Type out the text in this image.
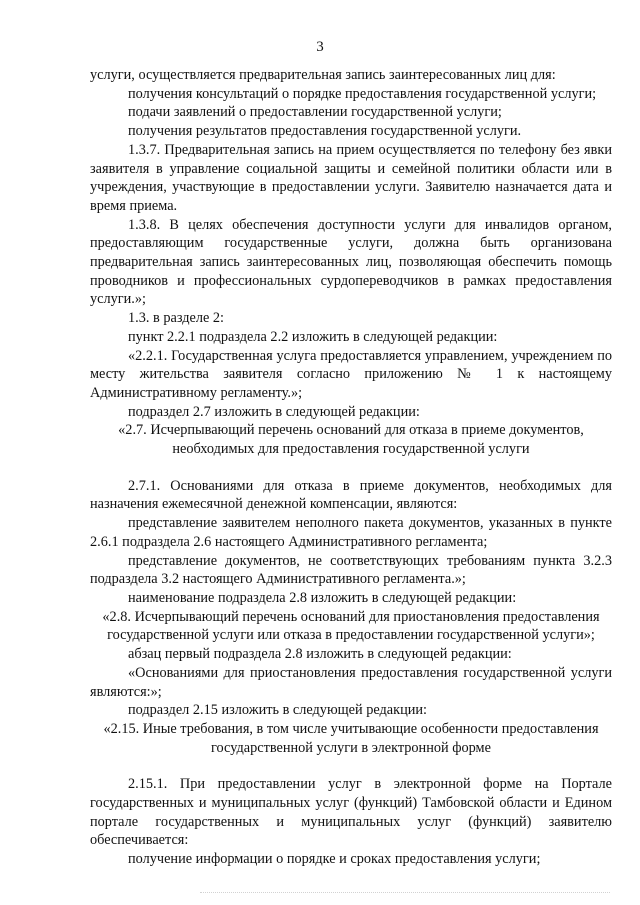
3

услуги, осуществляется предварительная запись заинтересованных лиц для:

получения консультаций о порядке предоставления государственной услуги;

подачи заявлений о предоставлении государственной услуги;

получения результатов предоставления государственной услуги.

1.3.7. Предварительная запись на прием осуществляется по телефону без явки заявителя в управление социальной защиты и семейной политики области или в учреждения, участвующие в предоставлении услуги. Заявителю назначается дата и время приема.

1.3.8. В целях обеспечения доступности услуги для инвалидов органом, предоставляющим государственные услуги, должна быть организована предварительная запись заинтересованных лиц, позволяющая обеспечить помощь проводников и профессиональных сурдопереводчиков в рамках предоставления услуги.»;

1.3. в разделе 2:

пункт 2.2.1 подраздела 2.2 изложить в следующей редакции:

«2.2.1. Государственная услуга предоставляется управлением, учреждением по месту жительства заявителя согласно приложению № 1 к настоящему Административному регламенту.»;

подраздел 2.7 изложить в следующей редакции:

«2.7. Исчерпывающий перечень оснований для отказа в приеме документов, необходимых для предоставления государственной услуги

2.7.1. Основаниями для отказа в приеме документов, необходимых для назначения ежемесячной денежной компенсации, являются:

представление заявителем неполного пакета документов, указанных в пункте 2.6.1 подраздела 2.6 настоящего Административного регламента;

представление документов, не соответствующих требованиям пункта 3.2.3 подраздела 3.2 настоящего Административного регламента.»;

наименование подраздела 2.8 изложить в следующей редакции:

«2.8. Исчерпывающий перечень оснований для приостановления предоставления государственной услуги или отказа в предоставлении государственной услуги»;

абзац первый подраздела 2.8 изложить в следующей редакции:

«Основаниями для приостановления предоставления государственной услуги являются:»;

подраздел 2.15 изложить в следующей редакции:

«2.15. Иные требования, в том числе учитывающие особенности предоставления государственной услуги в электронной форме

2.15.1. При предоставлении услуг в электронной форме на Портале государственных и муниципальных услуг (функций) Тамбовской области и Едином портале государственных и муниципальных услуг (функций) заявителю обеспечивается:

получение информации о порядке и сроках предоставления услуги;
